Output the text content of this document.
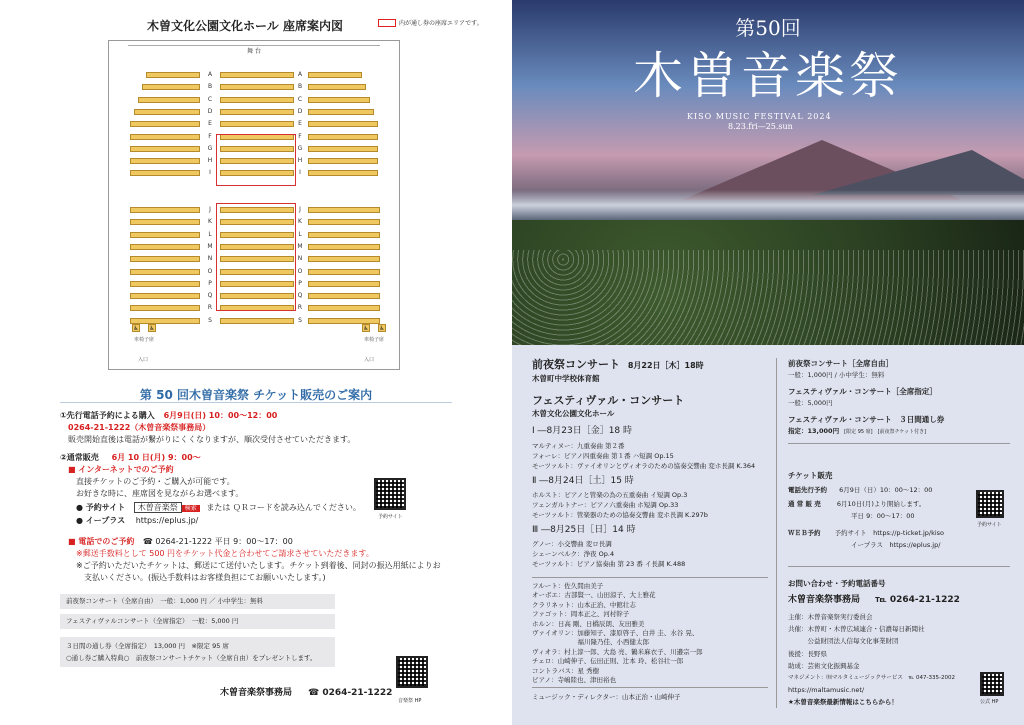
木曽文化公園文化ホール 座席案内図	内が通し券の座席エリアです。
舞 台
A	A
B	B
C	C
D	D
E	E
F	F
G	G
H	H
I	I
J	J
K	K
L	L
M	M
N	N
O	O
P	P
Q	Q
R	R
S	S
♿ ♿	♿ ♿
車椅子席	車椅子席
入口	入口
第 50 回木曽音楽祭 チケット販売のご案内
①先行電話予約による購入 6月9日(日) 10：00～12：00
0264-21-1222（木曽音楽祭事務局）
販売開始直後は電話が繋がりにくくなりますが、順次受付させていただきます。
②通常販売 6月 10 日(月) 9：00～
■ インターネットでのご予約
直接チケットのご予約・ご購入が可能です。
お好きな時に、座席図を見ながらお選べます。
● 予約サイト 木曽音楽祭 検索 または ＱＲコードを読み込んでください。
● イープラス https://eplus.jp/	予約サイト
■ 電話でのご予約 ☎ 0264-21-1222 平日 9：00～17：00
※郵送手数料として 500 円をチケット代金と合わせてご請求させていただきます。
※ご予約いただいたチケットは、郵送にて送付いたします。チケット到着後、同封の振込用紙によりお
支払いください。(振込手数料はお客様負担にてお願いいたします。)
前夜祭コンサート（全席自由）　一般：1,000 円 ／ 小中学生：無料
フェスティヴァルコンサート（全席指定）　一般：5,000 円
３日間の通し券（全席指定）　13,000 円　※限定 95 席
○通し券ご購入特典○　前夜祭コンサートチケット（全席自由）をプレゼントします。
音楽祭 HP
木曽音楽祭事務局 ☎ 0264-21-1222
第50回
木曽音楽祭
KISO MUSIC FESTIVAL 2024
8.23.fri—25.sun
前夜祭コンサート 8月22日［木］18時
木曽町中学校体育館
フェスティヴァル・コンサート
木曽文化公園文化ホール
Ⅰ ―8月23日［金］18 時
マルティヌー：九重奏曲 第２番
フォーレ：ピアノ四重奏曲 第１番 ハ短調 Op.15
モーツァルト：ヴァイオリンとヴィオラのための協奏交響曲 変ホ長調 K.364
Ⅱ ―8月24日［土］15 時
ホルスト：ピアノと管楽の為の五重奏曲 イ短調 Op.3
ツェンガルトナー：ピアノ六重奏曲 ホ短調 Op.33
モーツァルト：管楽器のための協奏交響曲 変ホ長調 K.297b
Ⅲ ―8月25日［日］14 時
グノー：小交響曲 変ロ長調
シェーンベルク：浄夜 Op.4
モーツァルト：ピアノ協奏曲 第 23 番 イ長調 K.488
フルート：佐久間由美子
オーボエ：古部賢一、山田涼子、大上雅花
クラリネット：山本正治、中館壮志
ファゴット：岡本正之、河村幹子
ホルン：日高 剛、日橋辰朗、友田雅美
ヴァイオリン：加藤知子、漆原啓子、白井 圭、水谷 晃、
　　　　　　　福川隆乃佳、小西健太郎
ヴィオラ：村上淳一郎、大島 亮、鶴米麻衣子、川邉宗一郎
チェロ：山崎伸子、伝田正則、辻本 玲、松谷壮一郎
コントラバス：星 秀樹
ピアノ：寺嶋陸也、津田裕也
ミュージック・ディレクター：山本正治・山崎伸子
前夜祭コンサート［全席自由］
一般：1,000円 / 小中学生：無料
フェスティヴァル・コンサート［全席指定］
一般：5,000円
フェスティヴァル・コンサート　３日間通し券
指定：13,000円 [限定 95 席]　[前夜祭チケット付き]
チケット販売
電話先行予約 6月9日（日）10：00～12：00
通 常 販 売 6月10日(月)より開始します。
平日 9：00～17：00
ＷＥＢ予約 予約サイト　https://p-ticket.jp/kiso
イープラス　https://eplus.jp/
予約サイト
お問い合わせ・予約電話番号
木曽音楽祭事務局 ℡ 0264-21-1222
主催：木曽音楽祭実行委員会
共催：木曽町・木曽広域連合・信濃毎日新聞社
　　　公益財団法人信毎文化事業財団
後援：長野県
助成：芸術文化振興基金
マネジメント：㈲マルタミュージックサービス　℡ 047-335-2002
https://maltamusic.net/
★木曽音楽祭最新情報はこちらから！	公式 HP
